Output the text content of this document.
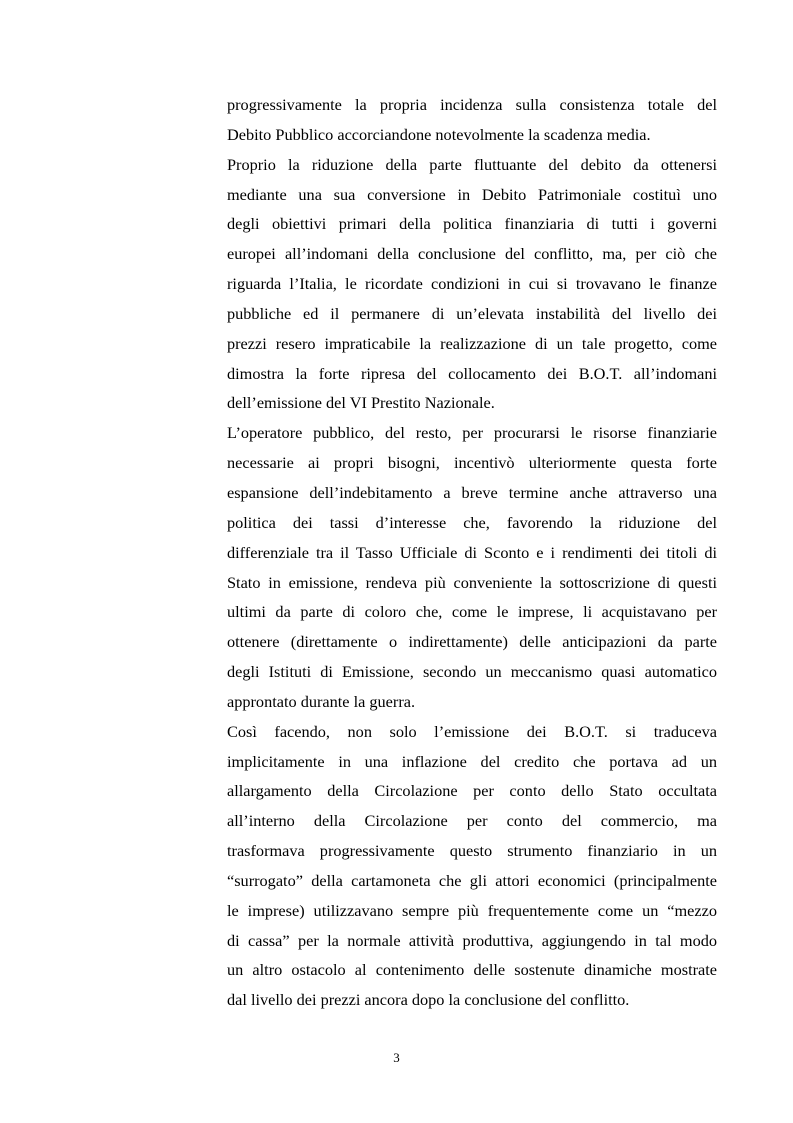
progressivamente la propria incidenza sulla consistenza totale del
Debito Pubblico accorciandone notevolmente la scadenza media.
Proprio la riduzione della parte fluttuante del debito da ottenersi
mediante una sua conversione in Debito Patrimoniale costituì uno
degli obiettivi primari della politica finanziaria di tutti i governi
europei all’indomani della conclusione del conflitto, ma, per ciò che
riguarda l’Italia, le ricordate condizioni in cui si trovavano le finanze
pubbliche ed il permanere di un’elevata instabilità del livello dei
prezzi resero impraticabile la realizzazione di un tale progetto, come
dimostra la forte ripresa del collocamento dei B.O.T. all’indomani
dell’emissione del VI Prestito Nazionale.
L’operatore pubblico, del resto, per procurarsi le risorse finanziarie
necessarie ai propri bisogni, incentivò ulteriormente questa forte
espansione dell’indebitamento a breve termine anche attraverso una
politica dei tassi d’interesse che, favorendo la riduzione del
differenziale tra il Tasso Ufficiale di Sconto e i rendimenti dei titoli di
Stato in emissione, rendeva più conveniente la sottoscrizione di questi
ultimi da parte di coloro che, come le imprese, li acquistavano per
ottenere (direttamente o indirettamente) delle anticipazioni da parte
degli Istituti di Emissione, secondo un meccanismo quasi automatico
approntato durante la guerra.
Così facendo, non solo l’emissione dei B.O.T. si traduceva
implicitamente in una inflazione del credito che portava ad un
allargamento della Circolazione per conto dello Stato occultata
all’interno della Circolazione per conto del commercio, ma
trasformava progressivamente questo strumento finanziario in un
“surrogato” della cartamoneta che gli attori economici (principalmente
le imprese) utilizzavano sempre più frequentemente come un “mezzo
di cassa” per la normale attività produttiva, aggiungendo in tal modo
un altro ostacolo al contenimento delle sostenute dinamiche mostrate
dal livello dei prezzi ancora dopo la conclusione del conflitto.
3
